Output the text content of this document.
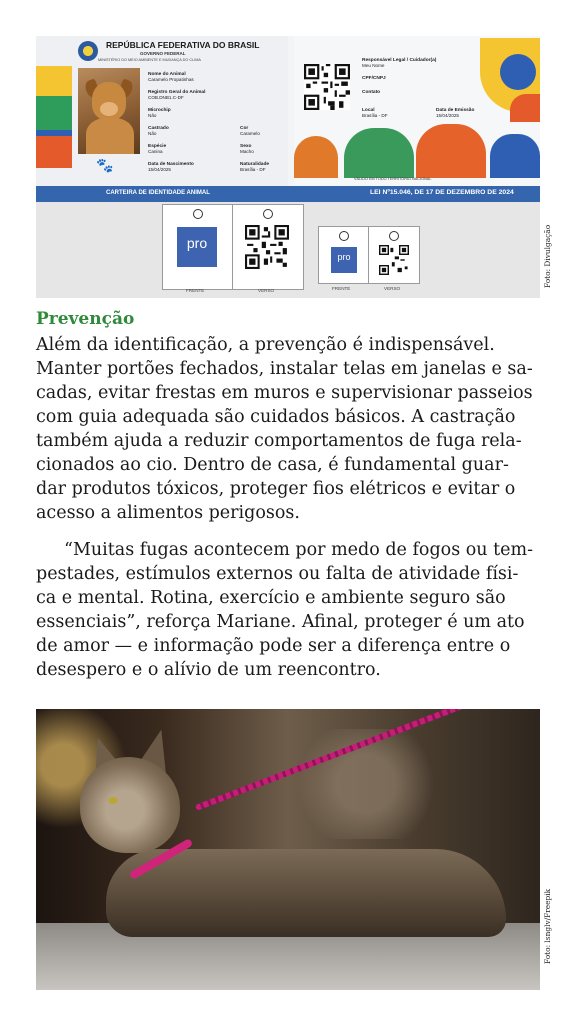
REPÚBLICA FEDERATIVA DO BRASIL
GOVERNO FEDERAL
MINISTÉRIO DO MEIO AMBIENTE E MUDANÇA DO CLIMA
🐾
Nome do Animal
Caramelo Propatinhas
Registro Geral do Animal
COB.DNB1.C-DF
Microchip
Não
Castrado
Não
Cor
Caramelo
Espécie
Canina
Sexo
Macho
Data de Nascimento
15/04/2025
Naturalidade
Brasília - DF
Responsável Legal / Cuidador(a)
Meu Nome
CPF/CNPJ
Contato
Local
Brasília - DF
Data de Emissão
15/04/2025
VÁLIDO EM TODO TERRITÓRIO NACIONAL
CARTEIRA DE IDENTIDADE ANIMAL	LEI Nº15.046, DE 17 DE DEZEMBRO DE 2024
pro
Patinhas
FRENTE	VERSO
pro
Patinhas
FRENTE	VERSO
Foto: Divulgação
Prevenção
Além da identificação, a prevenção é indispensável.
Manter portões fechados, instalar telas em janelas e sa-
cadas, evitar frestas em muros e supervisionar passeios
com guia adequada são cuidados básicos. A castração
também ajuda a reduzir comportamentos de fuga rela-
cionados ao cio. Dentro de casa, é fundamental guar-
dar produtos tóxicos, proteger fios elétricos e evitar o
acesso a alimentos perigosos.
“Muitas fugas acontecem por medo de fogos ou tem-
pestades, estímulos externos ou falta de atividade físi-
ca e mental. Rotina, exercício e ambiente seguro são
essenciais”, reforça Mariane. Afinal, proteger é um ato
de amor — e informação pode ser a diferença entre o
desespero e o alívio de um reencontro.
Foto: lsnglv/Freepik
